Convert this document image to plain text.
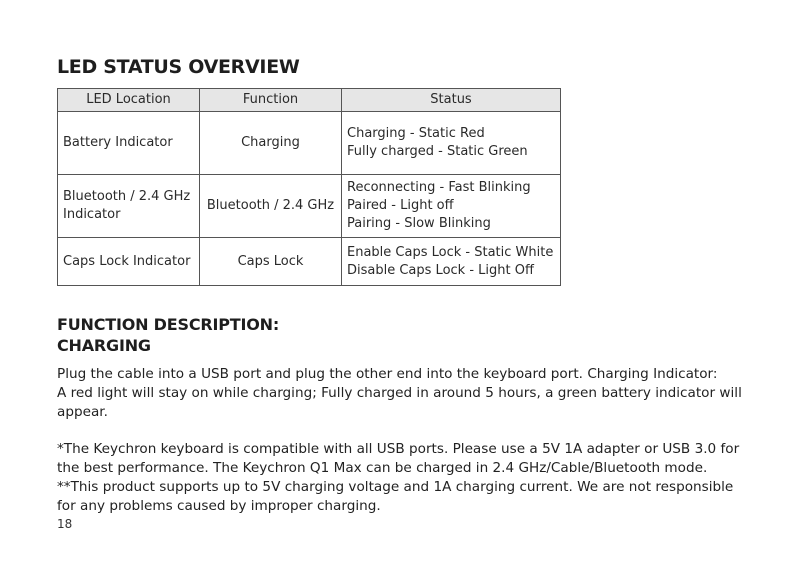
LED STATUS OVERVIEW
LED Location	Function	Status

Battery Indicator	Charging	Charging - Static Red
Fully charged - Static Green

Bluetooth / 2.4 GHz
Indicator	Bluetooth / 2.4 GHz	Reconnecting - Fast Blinking
Paired - Light off
Pairing - Slow Blinking

Caps Lock Indicator	Caps Lock	Enable Caps Lock - Static White
Disable Caps Lock - Light Off
FUNCTION DESCRIPTION:
CHARGING
Plug the cable into a USB port and plug the other end into the keyboard port. Charging Indicator:
A red light will stay on while charging; Fully charged in around 5 hours, a green battery indicator will
appear.
*The Keychron keyboard is compatible with all USB ports. Please use a 5V 1A adapter or USB 3.0 for
the best performance. The Keychron Q1 Max can be charged in 2.4 GHz/Cable/Bluetooth mode.
**This product supports up to 5V charging voltage and 1A charging current. We are not responsible
for any problems caused by improper charging.
18
